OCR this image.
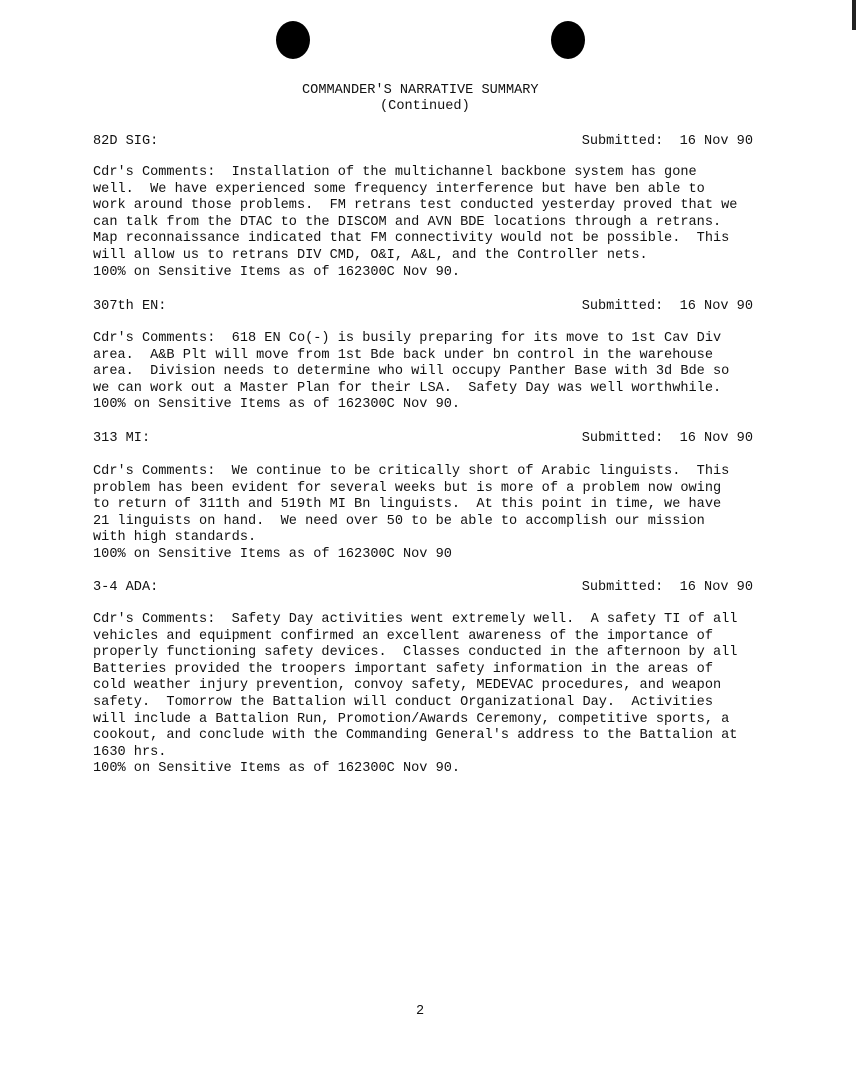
COMMANDER'S NARRATIVE SUMMARY
(Continued)
82D SIG:	Submitted:  16 Nov 90
Cdr's Comments:  Installation of the multichannel backbone system has gone
well.  We have experienced some frequency interference but have ben able to
work around those problems.  FM retrans test conducted yesterday proved that we
can talk from the DTAC to the DISCOM and AVN BDE locations through a retrans.
Map reconnaissance indicated that FM connectivity would not be possible.  This
will allow us to retrans DIV CMD, O&I, A&L, and the Controller nets.
100% on Sensitive Items as of 162300C Nov 90.
307th EN:	Submitted:  16 Nov 90
Cdr's Comments:  618 EN Co(-) is busily preparing for its move to 1st Cav Div
area.  A&B Plt will move from 1st Bde back under bn control in the warehouse
area.  Division needs to determine who will occupy Panther Base with 3d Bde so
we can work out a Master Plan for their LSA.  Safety Day was well worthwhile.
100% on Sensitive Items as of 162300C Nov 90.
313 MI:	Submitted:  16 Nov 90
Cdr's Comments:  We continue to be critically short of Arabic linguists.  This
problem has been evident for several weeks but is more of a problem now owing
to return of 311th and 519th MI Bn linguists.  At this point in time, we have
21 linguists on hand.  We need over 50 to be able to accomplish our mission
with high standards.
100% on Sensitive Items as of 162300C Nov 90
3-4 ADA:	Submitted:  16 Nov 90
Cdr's Comments:  Safety Day activities went extremely well.  A safety TI of all
vehicles and equipment confirmed an excellent awareness of the importance of
properly functioning safety devices.  Classes conducted in the afternoon by all
Batteries provided the troopers important safety information in the areas of
cold weather injury prevention, convoy safety, MEDEVAC procedures, and weapon
safety.  Tomorrow the Battalion will conduct Organizational Day.  Activities
will include a Battalion Run, Promotion/Awards Ceremony, competitive sports, a
cookout, and conclude with the Commanding General's address to the Battalion at
1630 hrs.
100% on Sensitive Items as of 162300C Nov 90.
2
